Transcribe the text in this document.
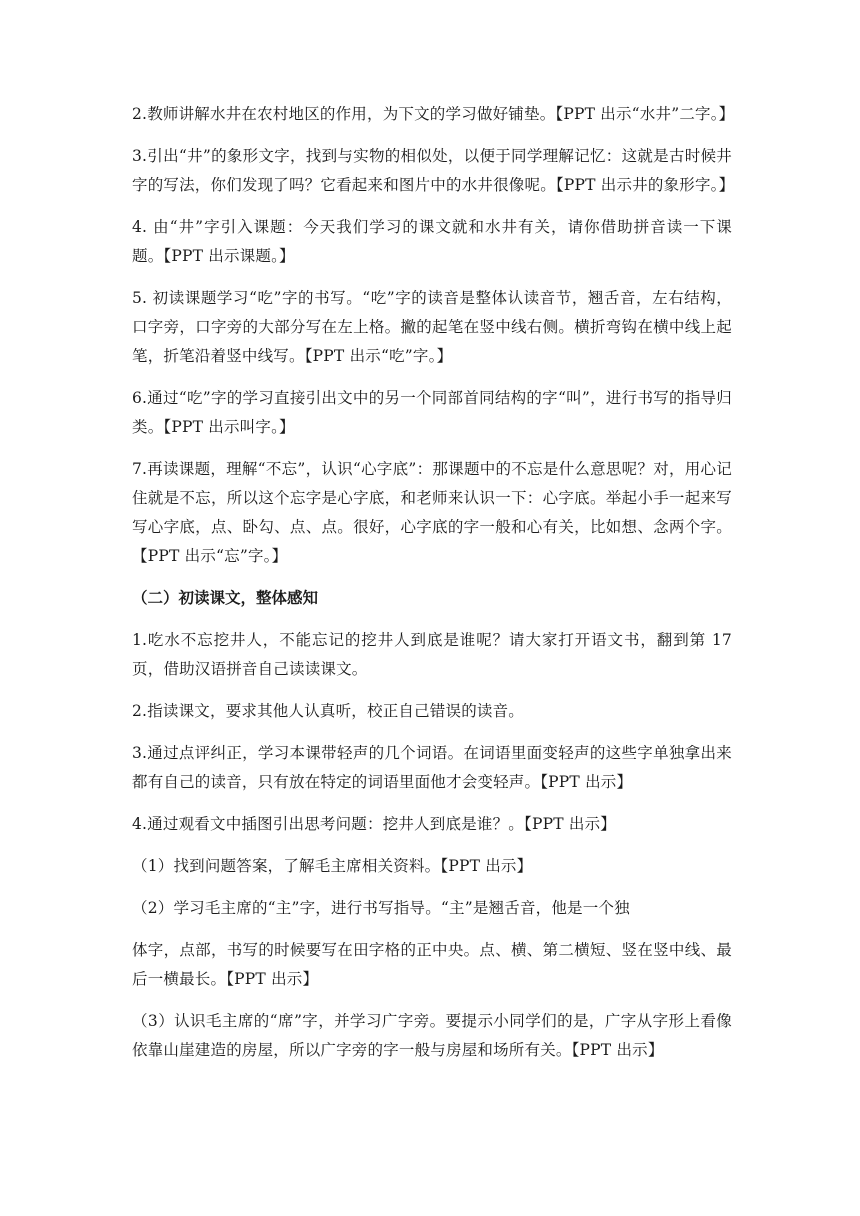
2.教师讲解水井在农村地区的作用，为下文的学习做好铺垫。【PPT 出示“水井”二字。】

3.引出“井”的象形文字，找到与实物的相似处，以便于同学理解记忆：这就是古时候井字的写法，你们发现了吗？它看起来和图片中的水井很像呢。【PPT 出示井的象形字。】

4. 由“井”字引入课题：今天我们学习的课文就和水井有关，请你借助拼音读一下课题。【PPT 出示课题。】

5. 初读课题学习“吃”字的书写。“吃”字的读音是整体认读音节，翘舌音，左右结构，口字旁，口字旁的大部分写在左上格。撇的起笔在竖中线右侧。横折弯钩在横中线上起笔，折笔沿着竖中线写。【PPT 出示“吃”字。】

6.通过“吃”字的学习直接引出文中的另一个同部首同结构的字“叫”，进行书写的指导归类。【PPT 出示叫字。】

7.再读课题，理解“不忘”，认识“心字底”：那课题中的不忘是什么意思呢？对，用心记住就是不忘，所以这个忘字是心字底，和老师来认识一下：心字底。举起小手一起来写写心字底，点、卧勾、点、点。很好，心字底的字一般和心有关，比如想、念两个字。【PPT 出示“忘”字。】

（二）初读课文，整体感知

1.吃水不忘挖井人，不能忘记的挖井人到底是谁呢？请大家打开语文书，翻到第 17 页，借助汉语拼音自己读读课文。

2.指读课文，要求其他人认真听，校正自己错误的读音。

3.通过点评纠正，学习本课带轻声的几个词语。在词语里面变轻声的这些字单独拿出来都有自己的读音，只有放在特定的词语里面他才会变轻声。【PPT 出示】

4.通过观看文中插图引出思考问题：挖井人到底是谁？。【PPT 出示】

（1）找到问题答案，了解毛主席相关资料。【PPT 出示】

（2）学习毛主席的“主”字，进行书写指导。“主”是翘舌音，他是一个独

体字，点部，书写的时候要写在田字格的正中央。点、横、第二横短、竖在竖中线、最后一横最长。【PPT 出示】

（3）认识毛主席的“席”字，并学习广字旁。要提示小同学们的是，广字从字形上看像依靠山崖建造的房屋，所以广字旁的字一般与房屋和场所有关。【PPT 出示】
